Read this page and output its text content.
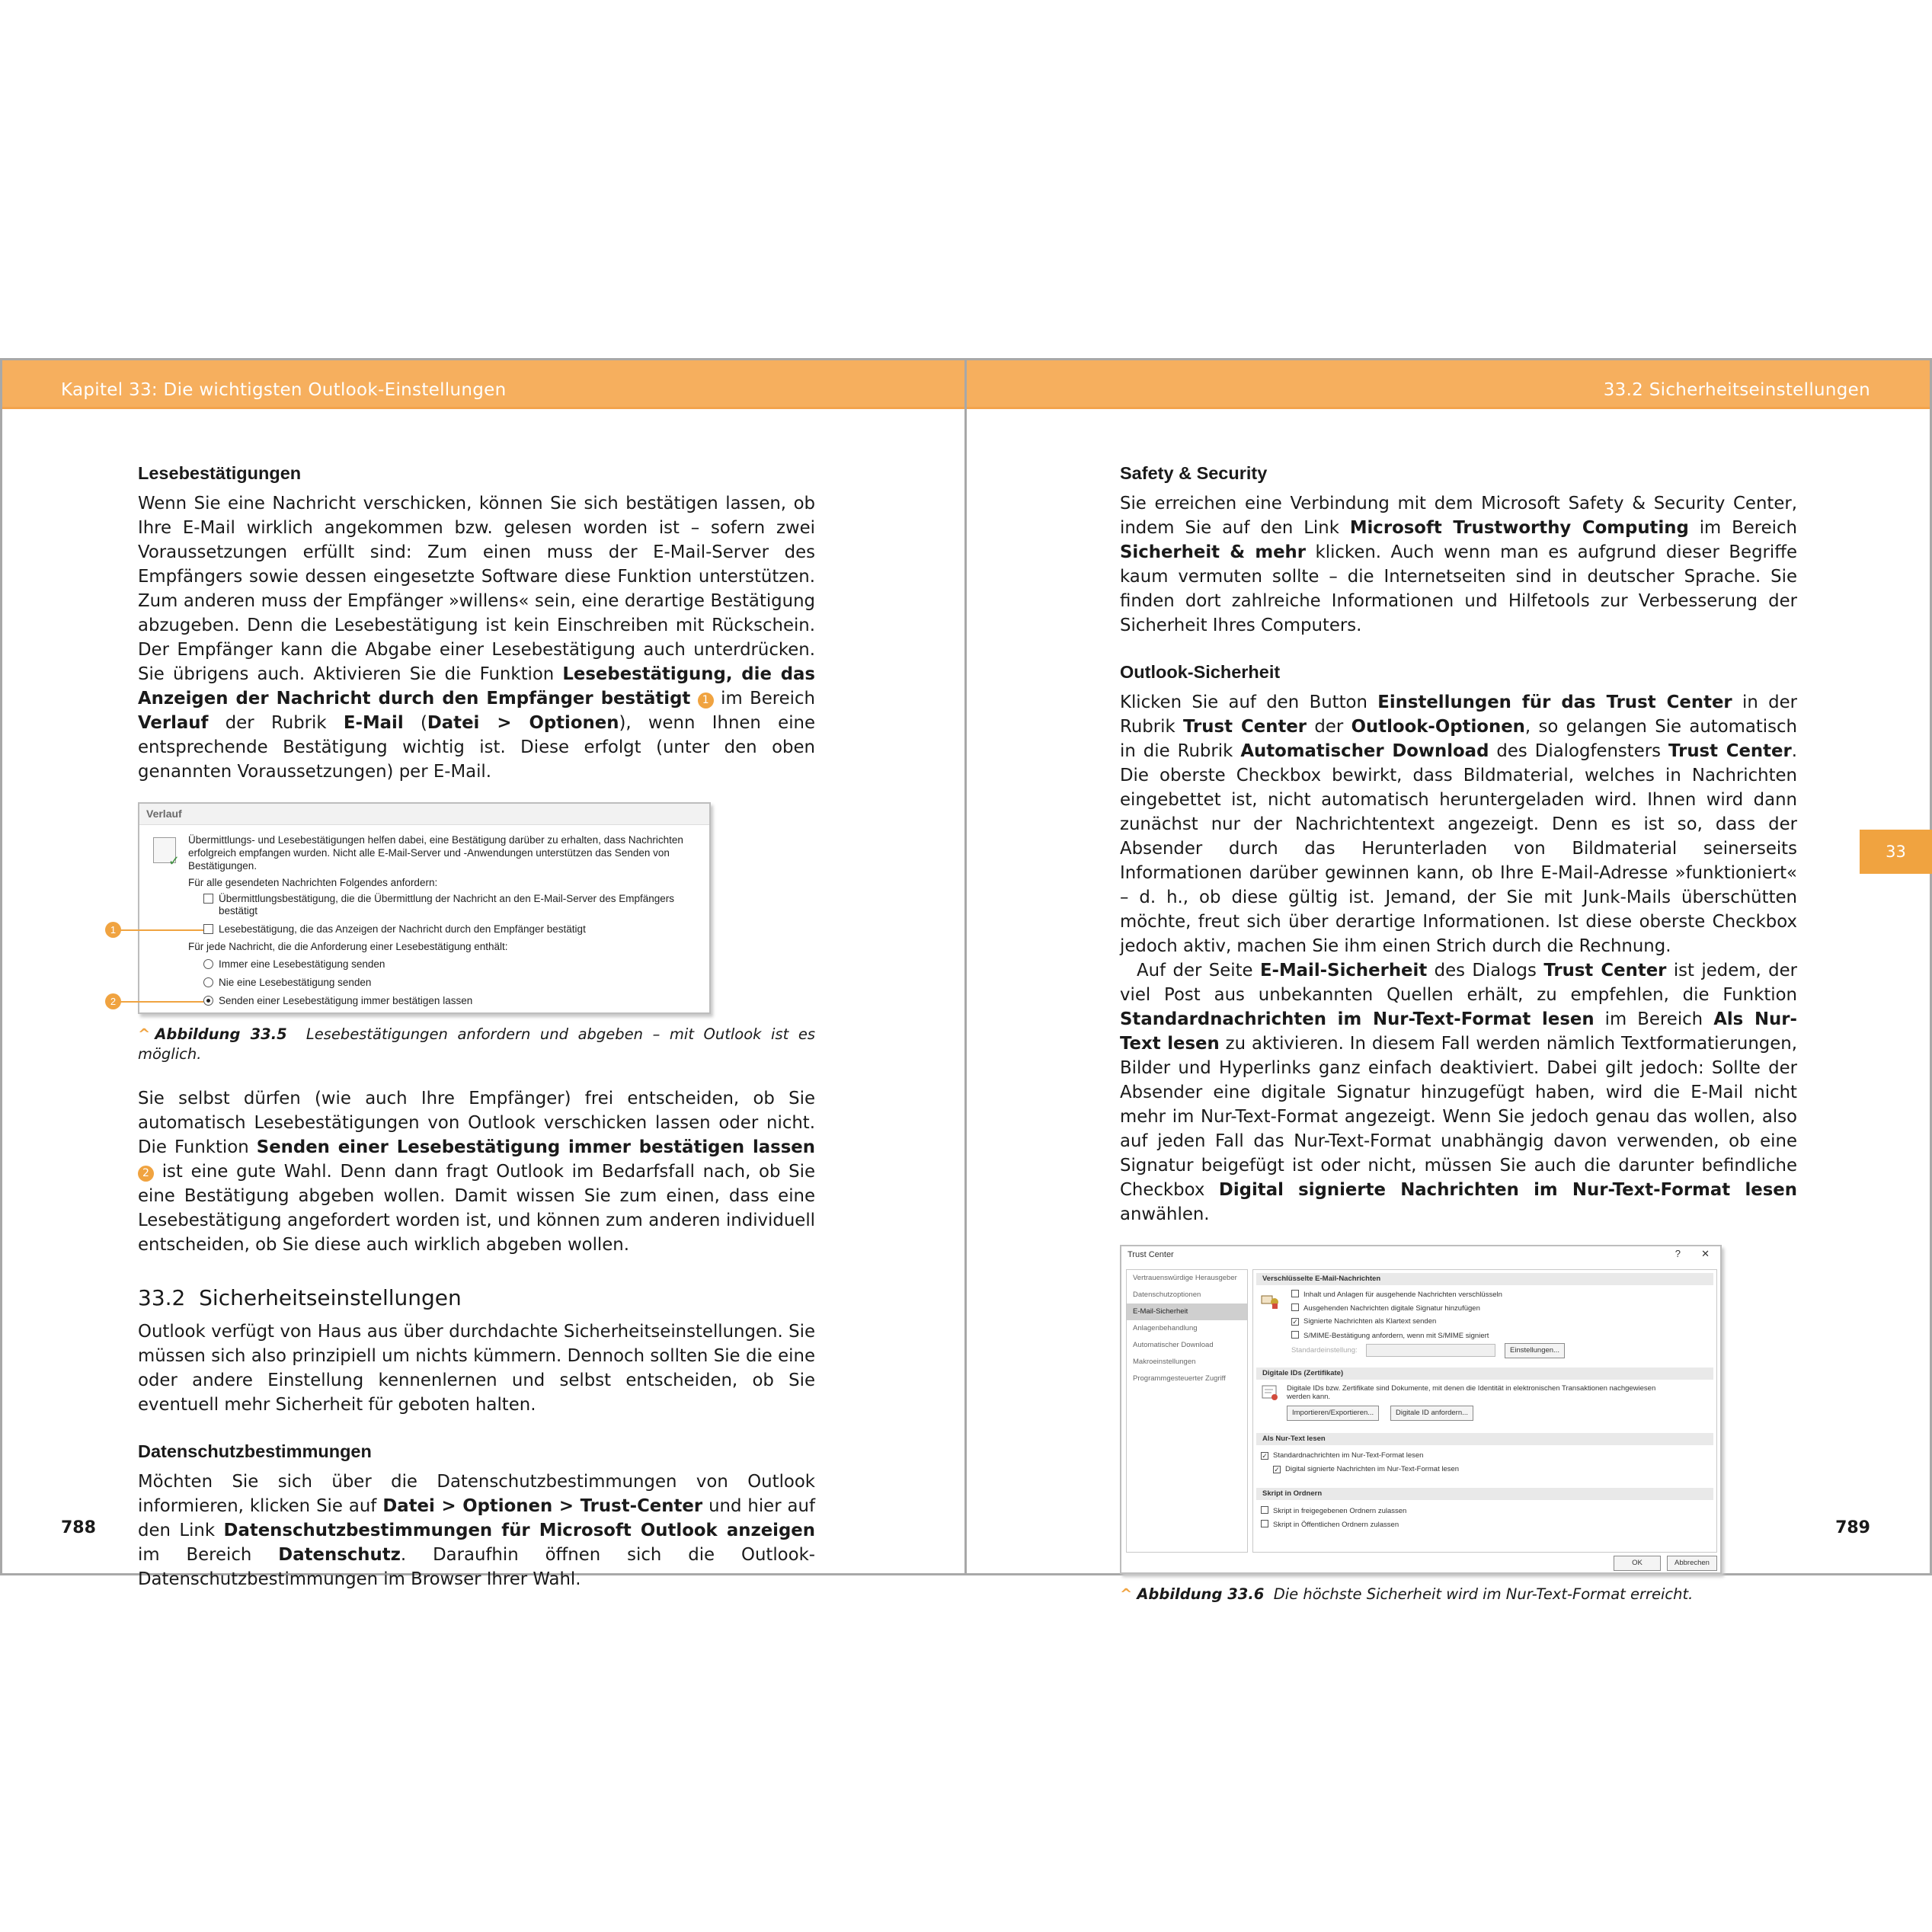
Kapitel 33: Die wichtigsten Outlook-Einstellungen
Lesebestätigungen

Wenn Sie eine Nachricht verschicken, können Sie sich bestätigen lassen, ob Ihre E-Mail wirklich angekommen bzw. gelesen worden ist – sofern zwei Voraussetzungen erfüllt sind: Zum einen muss der E-Mail-Server des Empfängers sowie dessen eingesetzte Software diese Funktion unterstützen. Zum anderen muss der Empfänger »willens« sein, eine derartige Bestätigung abzugeben. Denn die Lesebestätigung ist kein Einschreiben mit Rückschein. Der Empfänger kann die Abgabe einer Lesebestätigung auch unterdrücken. Sie übrigens auch. Aktivieren Sie die Funktion Lesebestätigung, die das Anzeigen der Nachricht durch den Empfänger bestätigt 1 im Bereich Verlauf der Rubrik E-Mail (Datei > Optionen), wenn Ihnen eine entsprechende Bestätigung wichtig ist. Diese erfolgt (unter den oben genannten Voraussetzungen) per E-Mail.

Verlauf
✓
Übermittlungs- und Lesebestätigungen helfen dabei, eine Bestätigung darüber zu erhalten, dass Nachrichten
erfolgreich empfangen wurden. Nicht alle E-Mail-Server und -Anwendungen unterstützen das Senden von
Bestätigungen.
Für alle gesendeten Nachrichten Folgendes anfordern:
Übermittlungsbestätigung, die die Übermittlung der Nachricht an den E-Mail-Server des Empfängers
bestätigt
Lesebestätigung, die das Anzeigen der Nachricht durch den Empfänger bestätigt
Für jede Nachricht, die die Anforderung einer Lesebestätigung enthält:
Immer eine Lesebestätigung senden
Nie eine Lesebestätigung senden
Senden einer Lesebestätigung immer bestätigen lassen
1
2
^ Abbildung 33.5 Lesebestätigungen anfordern und abgeben – mit Outlook ist es möglich.

Sie selbst dürfen (wie auch Ihre Empfänger) frei entscheiden, ob Sie automatisch Lesebestätigungen von Outlook verschicken lassen oder nicht. Die Funktion Senden einer Lesebestätigung immer bestätigen lassen 2 ist eine gute Wahl. Denn dann fragt Outlook im Bedarfsfall nach, ob Sie eine Bestätigung abgeben wollen. Damit wissen Sie zum einen, dass eine Lesebestätigung angefordert worden ist, und können zum anderen individuell entscheiden, ob Sie diese auch wirklich abgeben wollen.

33.2 Sicherheitseinstellungen

Outlook verfügt von Haus aus über durchdachte Sicherheitseinstellungen. Sie müssen sich also prinzipiell um nichts kümmern. Dennoch sollten Sie die eine oder andere Einstellung kennenlernen und selbst entscheiden, ob Sie eventuell mehr Sicherheit für geboten halten.

Datenschutzbestimmungen

Möchten Sie sich über die Datenschutzbestimmungen von Outlook informieren, klicken Sie auf Datei > Optionen > Trust-Center und hier auf den Link Datenschutzbestimmungen für Microsoft Outlook anzeigen im Bereich Datenschutz. Daraufhin öffnen sich die Outlook-Datenschutzbestimmungen im Browser Ihrer Wahl.

788
33.2 Sicherheitseinstellungen
33
Safety & Security

Sie erreichen eine Verbindung mit dem Microsoft Safety & Security Center, indem Sie auf den Link Microsoft Trustworthy Computing im Bereich Sicherheit & mehr klicken. Auch wenn man es aufgrund dieser Begriffe kaum vermuten sollte – die Internetseiten sind in deutscher Sprache. Sie finden dort zahlreiche Informationen und Hilfetools zur Verbesserung der Sicherheit Ihres Computers.

Outlook-Sicherheit

Klicken Sie auf den Button Einstellungen für das Trust Center in der Rubrik Trust Center der Outlook-Optionen, so gelangen Sie automatisch in die Rubrik Automatischer Download des Dialogfensters Trust Center. Die oberste Checkbox bewirkt, dass Bildmaterial, welches in Nachrichten eingebettet ist, nicht automatisch heruntergeladen wird. Ihnen wird dann zunächst nur der Nachrichtentext angezeigt. Denn es ist so, dass der Absender durch das Herunterladen von Bildmaterial seinerseits Informationen darüber gewinnen kann, ob Ihre E-Mail-Adresse »funktioniert« – d. h., ob diese gültig ist. Jemand, der Sie mit Junk-Mails überschütten möchte, freut sich über derartige Informationen. Ist diese oberste Checkbox jedoch aktiv, machen Sie ihm einen Strich durch die Rechnung.

Auf der Seite E-Mail-Sicherheit des Dialogs Trust Center ist jedem, der viel Post aus unbekannten Quellen erhält, zu empfehlen, die Funktion Standardnachrichten im Nur-Text-Format lesen im Bereich Als Nur-Text lesen zu aktivieren. In diesem Fall werden nämlich Textformatierungen, Bilder und Hyperlinks ganz einfach deaktiviert. Dabei gilt jedoch: Sollte der Absender eine digitale Signatur hinzugefügt haben, wird die E-Mail nicht mehr im Nur-Text-Format angezeigt. Wenn Sie jedoch genau das wollen, also auf jeden Fall das Nur-Text-Format unabhängig davon verwenden, ob eine Signatur beigefügt ist oder nicht, müssen Sie auch die darunter befindliche Checkbox Digital signierte Nachrichten im Nur-Text-Format lesen anwählen.

Trust Center	? ✕
Vertrauenswürdige Herausgeber
Datenschutzoptionen
E-Mail-Sicherheit
Anlagenbehandlung
Automatischer Download
Makroeinstellungen
Programmgesteuerter Zugriff
Verschlüsselte E-Mail-Nachrichten
Inhalt und Anlagen für ausgehende Nachrichten verschlüsseln
Ausgehenden Nachrichten digitale Signatur hinzufügen
✓ Signierte Nachrichten als Klartext senden
S/MIME-Bestätigung anfordern, wenn mit S/MIME signiert
Standardeinstellung:	Einstellungen...
Digitale IDs (Zertifikate)
Digitale IDs bzw. Zertifikate sind Dokumente, mit denen die Identität in elektronischen Transaktionen nachgewiesen
werden kann.
Importieren/Exportieren...	Digitale ID anfordern...
Als Nur-Text lesen
✓ Standardnachrichten im Nur-Text-Format lesen
✓ Digital signierte Nachrichten im Nur-Text-Format lesen
Skript in Ordnern
Skript in freigegebenen Ordnern zulassen
Skript in Öffentlichen Ordnern zulassen
OK	Abbrechen
^ Abbildung 33.6 Die höchste Sicherheit wird im Nur-Text-Format erreicht.
789
